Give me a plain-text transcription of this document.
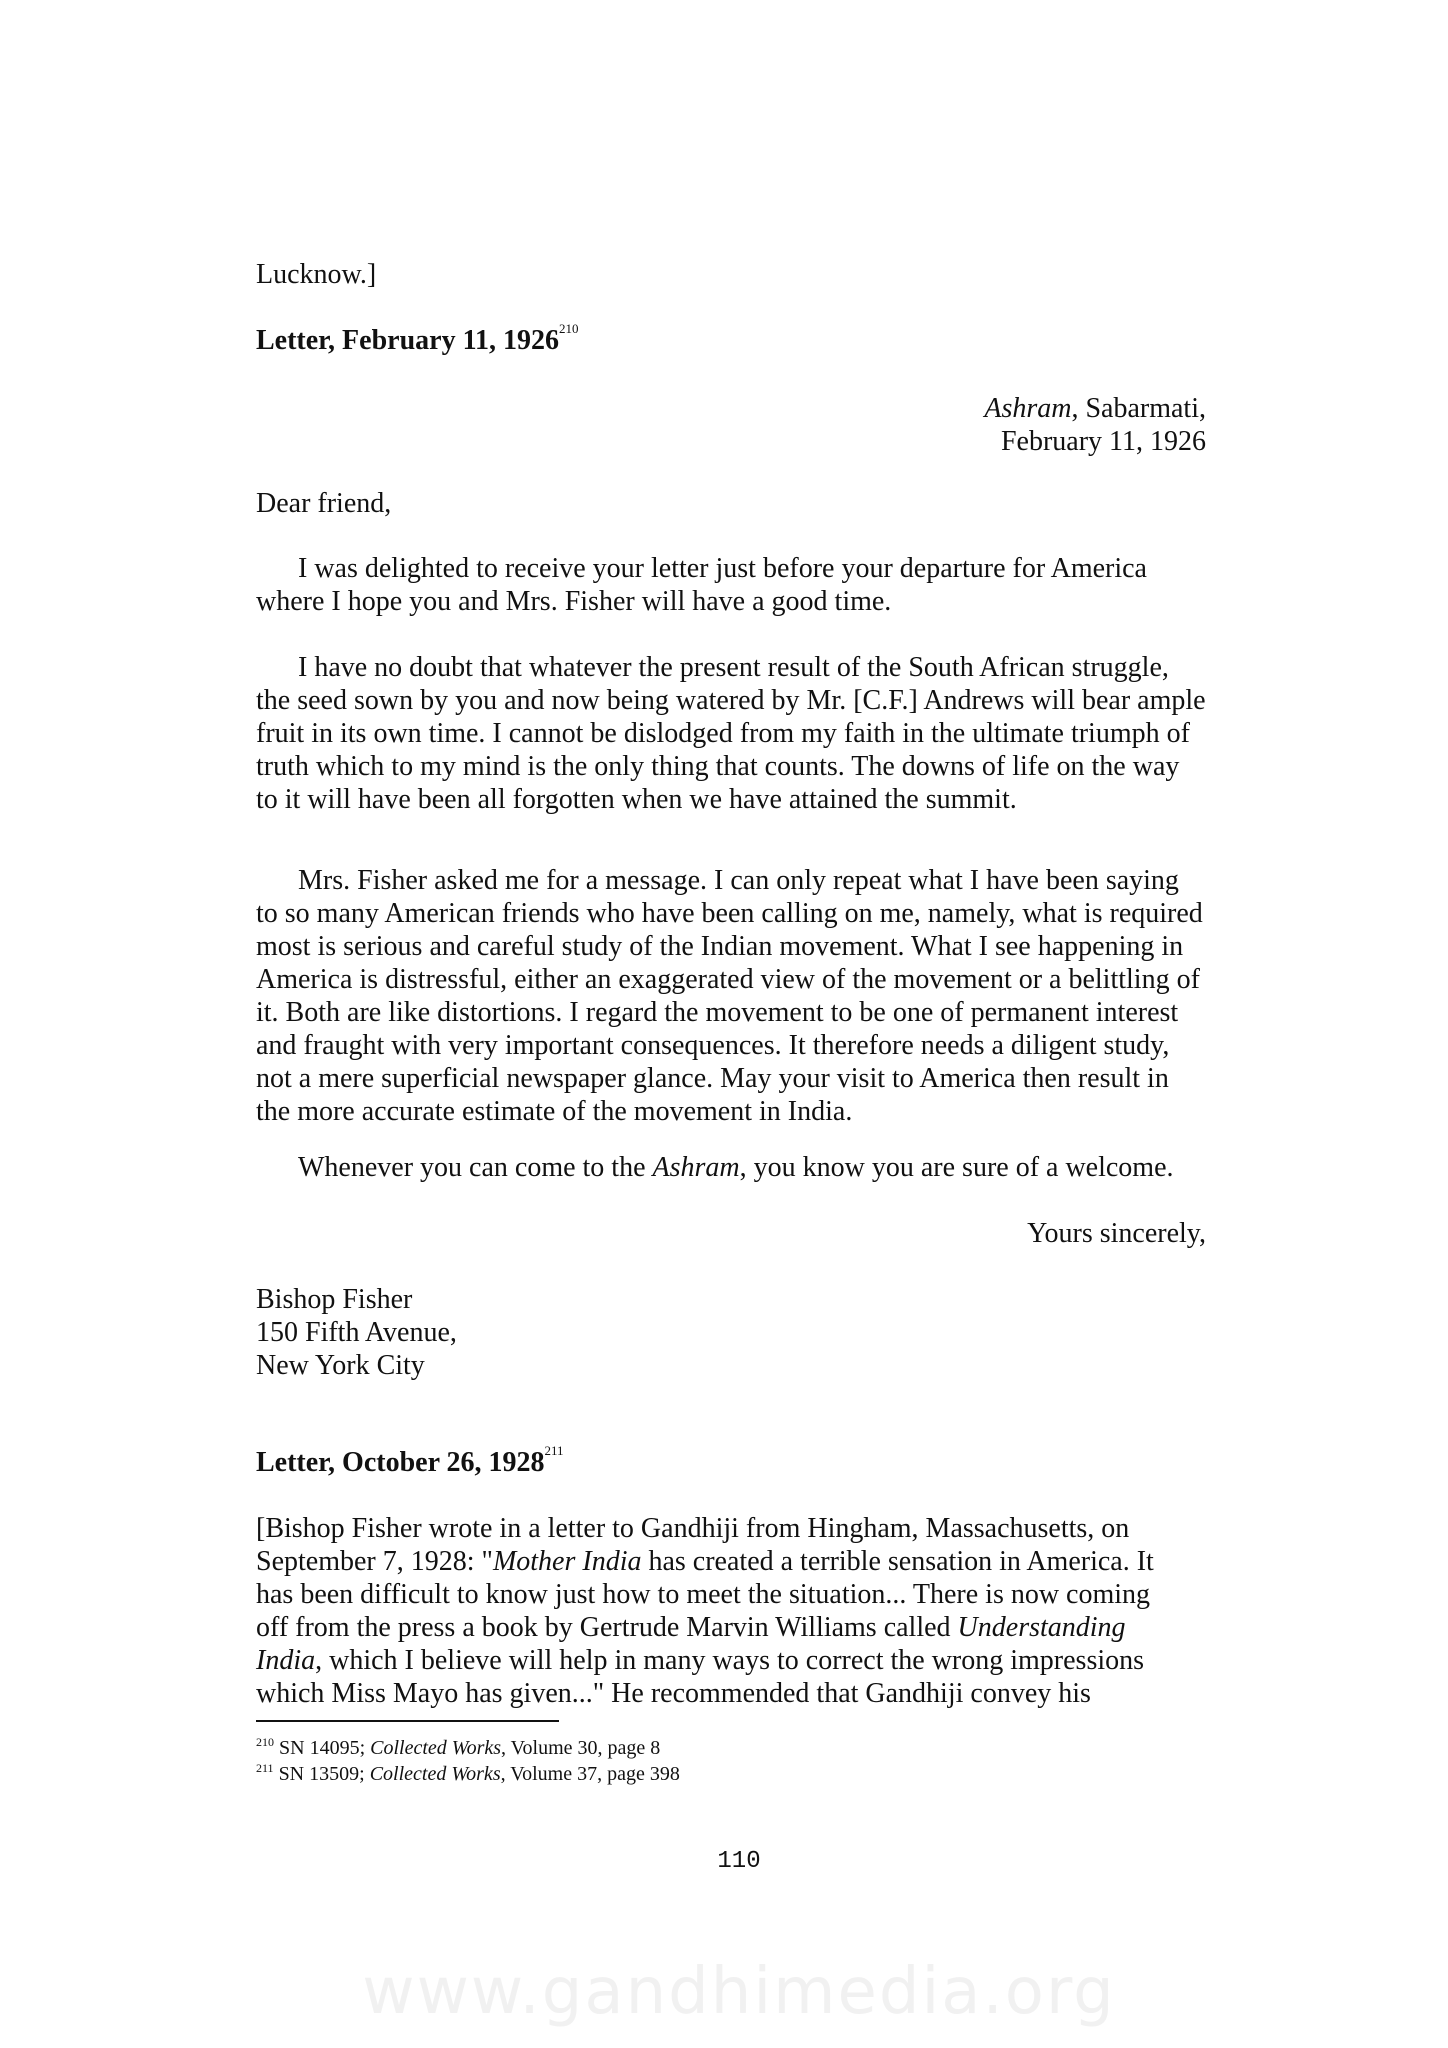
Lucknow.]
Letter, February 11, 1926$^{210}$
Ashram, Sabarmati,
February 11, 1926
Dear friend,
I was delighted to receive your letter just before your departure for America where I hope you and Mrs. Fisher will have a good time.
I have no doubt that whatever the present result of the South African struggle, the seed sown by you and now being watered by Mr. [C.F.] Andrews will bear ample fruit in its own time. I cannot be dislodged from my faith in the ultimate triumph of truth which to my mind is the only thing that counts. The downs of life on the way to it will have been all forgotten when we have attained the summit.
Mrs. Fisher asked me for a message. I can only repeat what I have been saying to so many American friends who have been calling on me, namely, what is required most is serious and careful study of the Indian movement. What I see happening in America is distressful, either an exaggerated view of the movement or a belittling of it. Both are like distortions. I regard the movement to be one of permanent interest and fraught with very important consequences. It therefore needs a diligent study, not a mere superficial newspaper glance. May your visit to America then result in the more accurate estimate of the movement in India.
Whenever you can come to the Ashram, you know you are sure of a welcome.
Yours sincerely,
Bishop Fisher
150 Fifth Avenue,
New York City
Letter, October 26, 1928$^{211}$
[Bishop Fisher wrote in a letter to Gandhiji from Hingham, Massachusetts, on September 7, 1928: "Mother India has created a terrible sensation in America. It has been difficult to know just how to meet the situation... There is now coming off from the press a book by Gertrude Marvin Williams called Understanding India, which I believe will help in many ways to correct the wrong impressions which Miss Mayo has given..." He recommended that Gandhiji convey his
$^{210}$ SN 14095; Collected Works, Volume 30, page 8
$^{211}$ SN 13509; Collected Works, Volume 37, page 398
110
www.gandhimedia.org
